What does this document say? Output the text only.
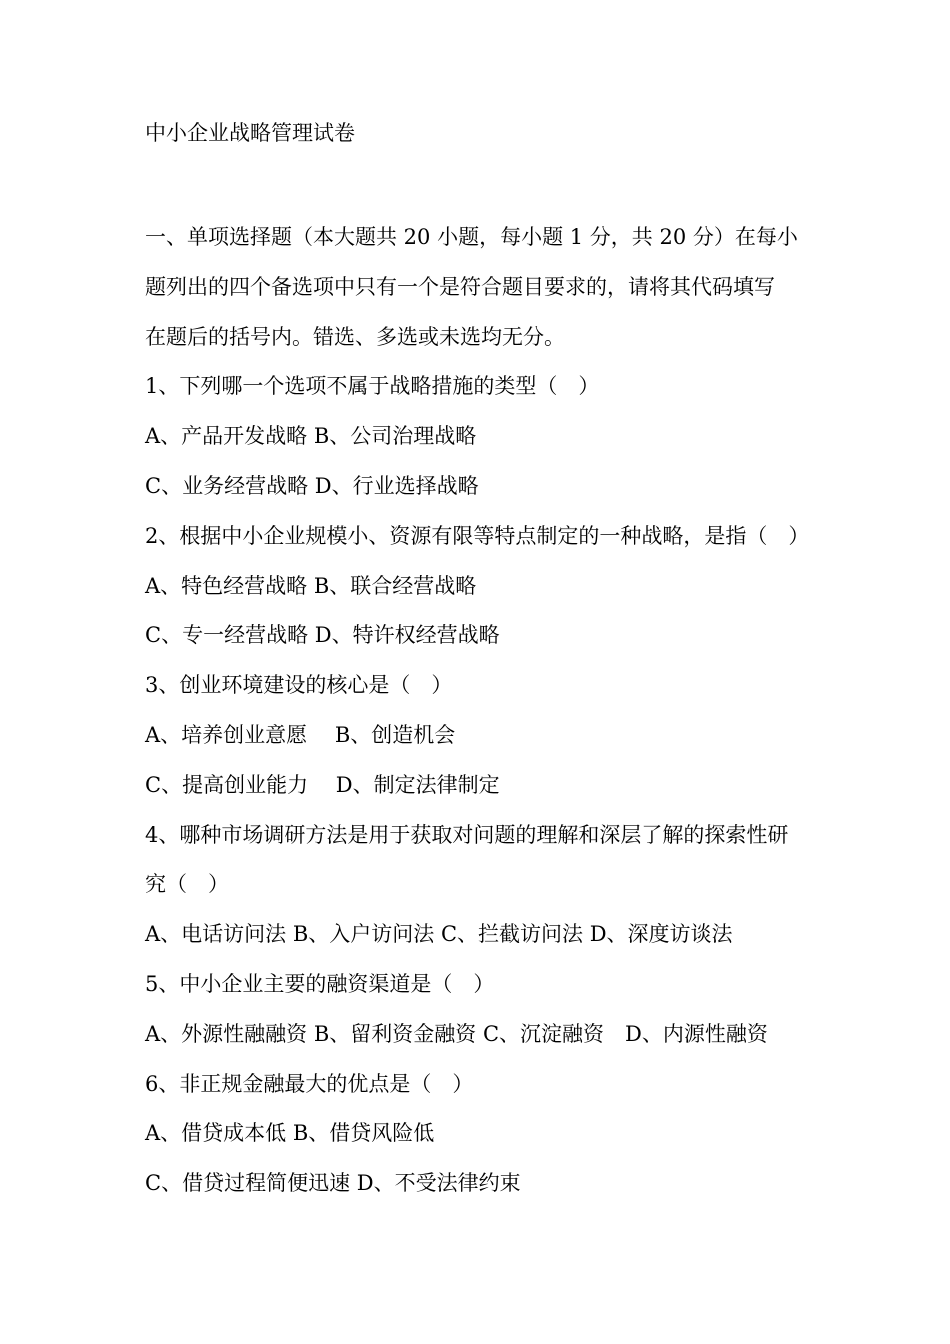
中小企业战略管理试卷
一、单项选择题（本大题共 20 小题，每小题 1 分，共 20 分）在每小
题列出的四个备选项中只有一个是符合题目要求的，请将其代码填写
在题后的括号内。错选、多选或未选均无分。
1、下列哪一个选项不属于战略措施的类型（　）
A、产品开发战略 B、公司治理战略
C、业务经营战略 D、行业选择战略
2、根据中小企业规模小、资源有限等特点制定的一种战略，是指（　）
A、特色经营战略 B、联合经营战略
C、专一经营战略 D、特许权经营战略
3、创业环境建设的核心是（　）
A、培养创业意愿　 B、创造机会
C、提高创业能力　 D、制定法律制定
4、哪种市场调研方法是用于获取对问题的理解和深层了解的探索性研
究（　）
A、电话访问法 B、入户访问法 C、拦截访问法 D、深度访谈法
5、中小企业主要的融资渠道是（　）
A、外源性融融资 B、留利资金融资 C、沉淀融资　D、内源性融资
6、非正规金融最大的优点是（　）
A、借贷成本低 B、借贷风险低
C、借贷过程简便迅速 D、不受法律约束
